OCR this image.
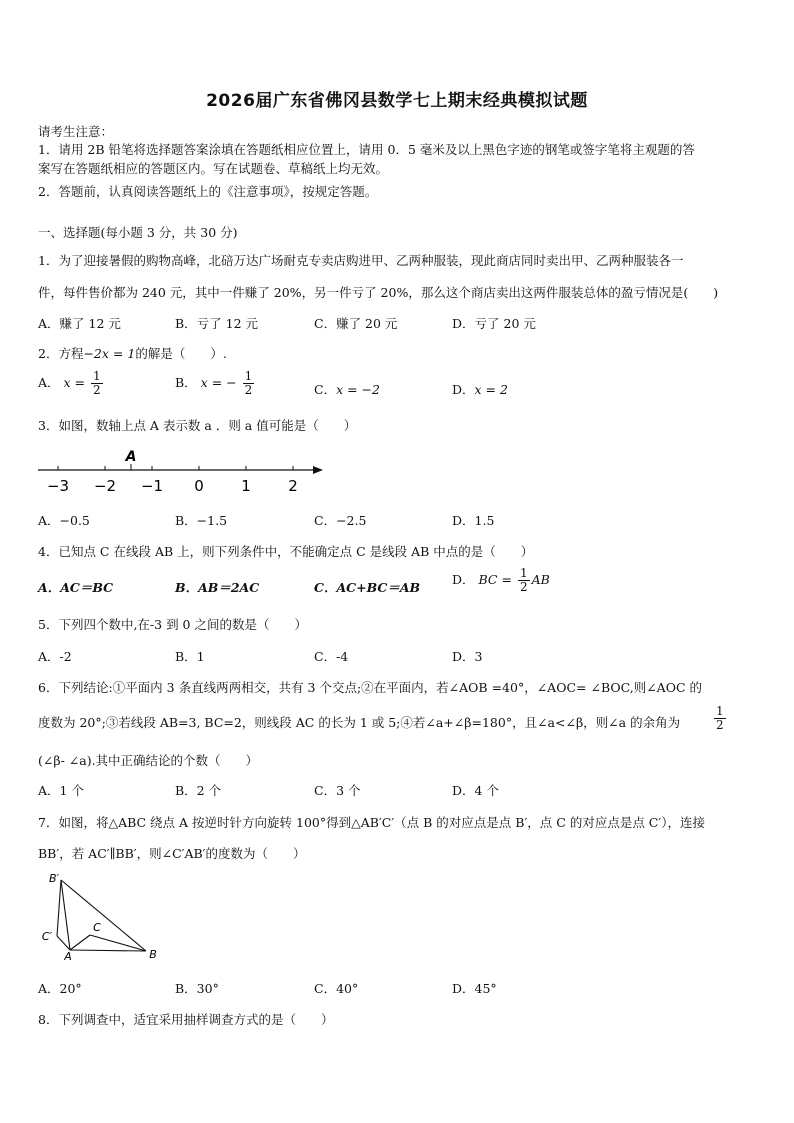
2026届广东省佛冈县数学七上期末经典模拟试题
请考生注意：
1．请用 2B 铅笔将选择题答案涂填在答题纸相应位置上，请用 0．5 毫米及以上黑色字迹的钢笔或签字笔将主观题的答
案写在答题纸相应的答题区内。写在试题卷、草稿纸上均无效。
2．答题前，认真阅读答题纸上的《注意事项》，按规定答题。
一、选择题(每小题 3 分，共 30 分)
1．为了迎接暑假的购物高峰，北碚万达广场耐克专卖店购进甲、乙两种服装，现此商店同时卖出甲、乙两种服装各一
件，每件售价都为 240 元，其中一件赚了 20%，另一件亏了 20%，那么这个商店卖出这两件服装总体的盈亏情况是(　　)
A．赚了 12 元	B．亏了 12 元	C．赚了 20 元	D．亏了 20 元
2．方程−2x = 1的解是（　　）.
A． $x = \frac{1}{2}$	B． x = − $\frac{1}{2}$	C．x = −2	D．x = 2
3．如图，数轴上点 A 表示数 a ．则 a 值可能是（　　）
A
−3 −2 −1 0 1 2
A．−0.5	B．−1.5	C．−2.5	D．1.5
4．已知点 C 在线段 AB 上，则下列条件中，不能确定点 C 是线段 AB 中点的是（　　）
A．AC＝BC	B．AB＝2AC	C．AC+BC＝AB
D． BC = $\frac{1}{2}$ AB
5．下列四个数中,在-3 到 0 之间的数是（　　）
A．-2	B．1	C．-4	D．3
6．下列结论:①平面内 3 条直线两两相交，共有 3 个交点;②在平面内，若∠AOB =40°，∠AOC= ∠BOC,则∠AOC 的
度数为 20°;③若线段 AB=3, BC=2，则线段 AC 的长为 1 或 5;④若∠a+∠β=180°，且∠a<∠β，则∠a 的余角为	$\frac{1}{2}$
(∠β- ∠a).其中正确结论的个数（　　）
A．1 个	B．2 个	C．3 个	D．4 个
7．如图，将△ABC 绕点 A 按逆时针方向旋转 100°得到△AB′C′（点 B 的对应点是点 B′，点 C 的对应点是点 C′），连接
BB′，若 AC′∥BB′，则∠C′AB′的度数为（　　）
B′
C′
C
A	B
A．20°	B．30°	C．40°	D．45°
8．下列调查中，适宜采用抽样调查方式的是（　　）
